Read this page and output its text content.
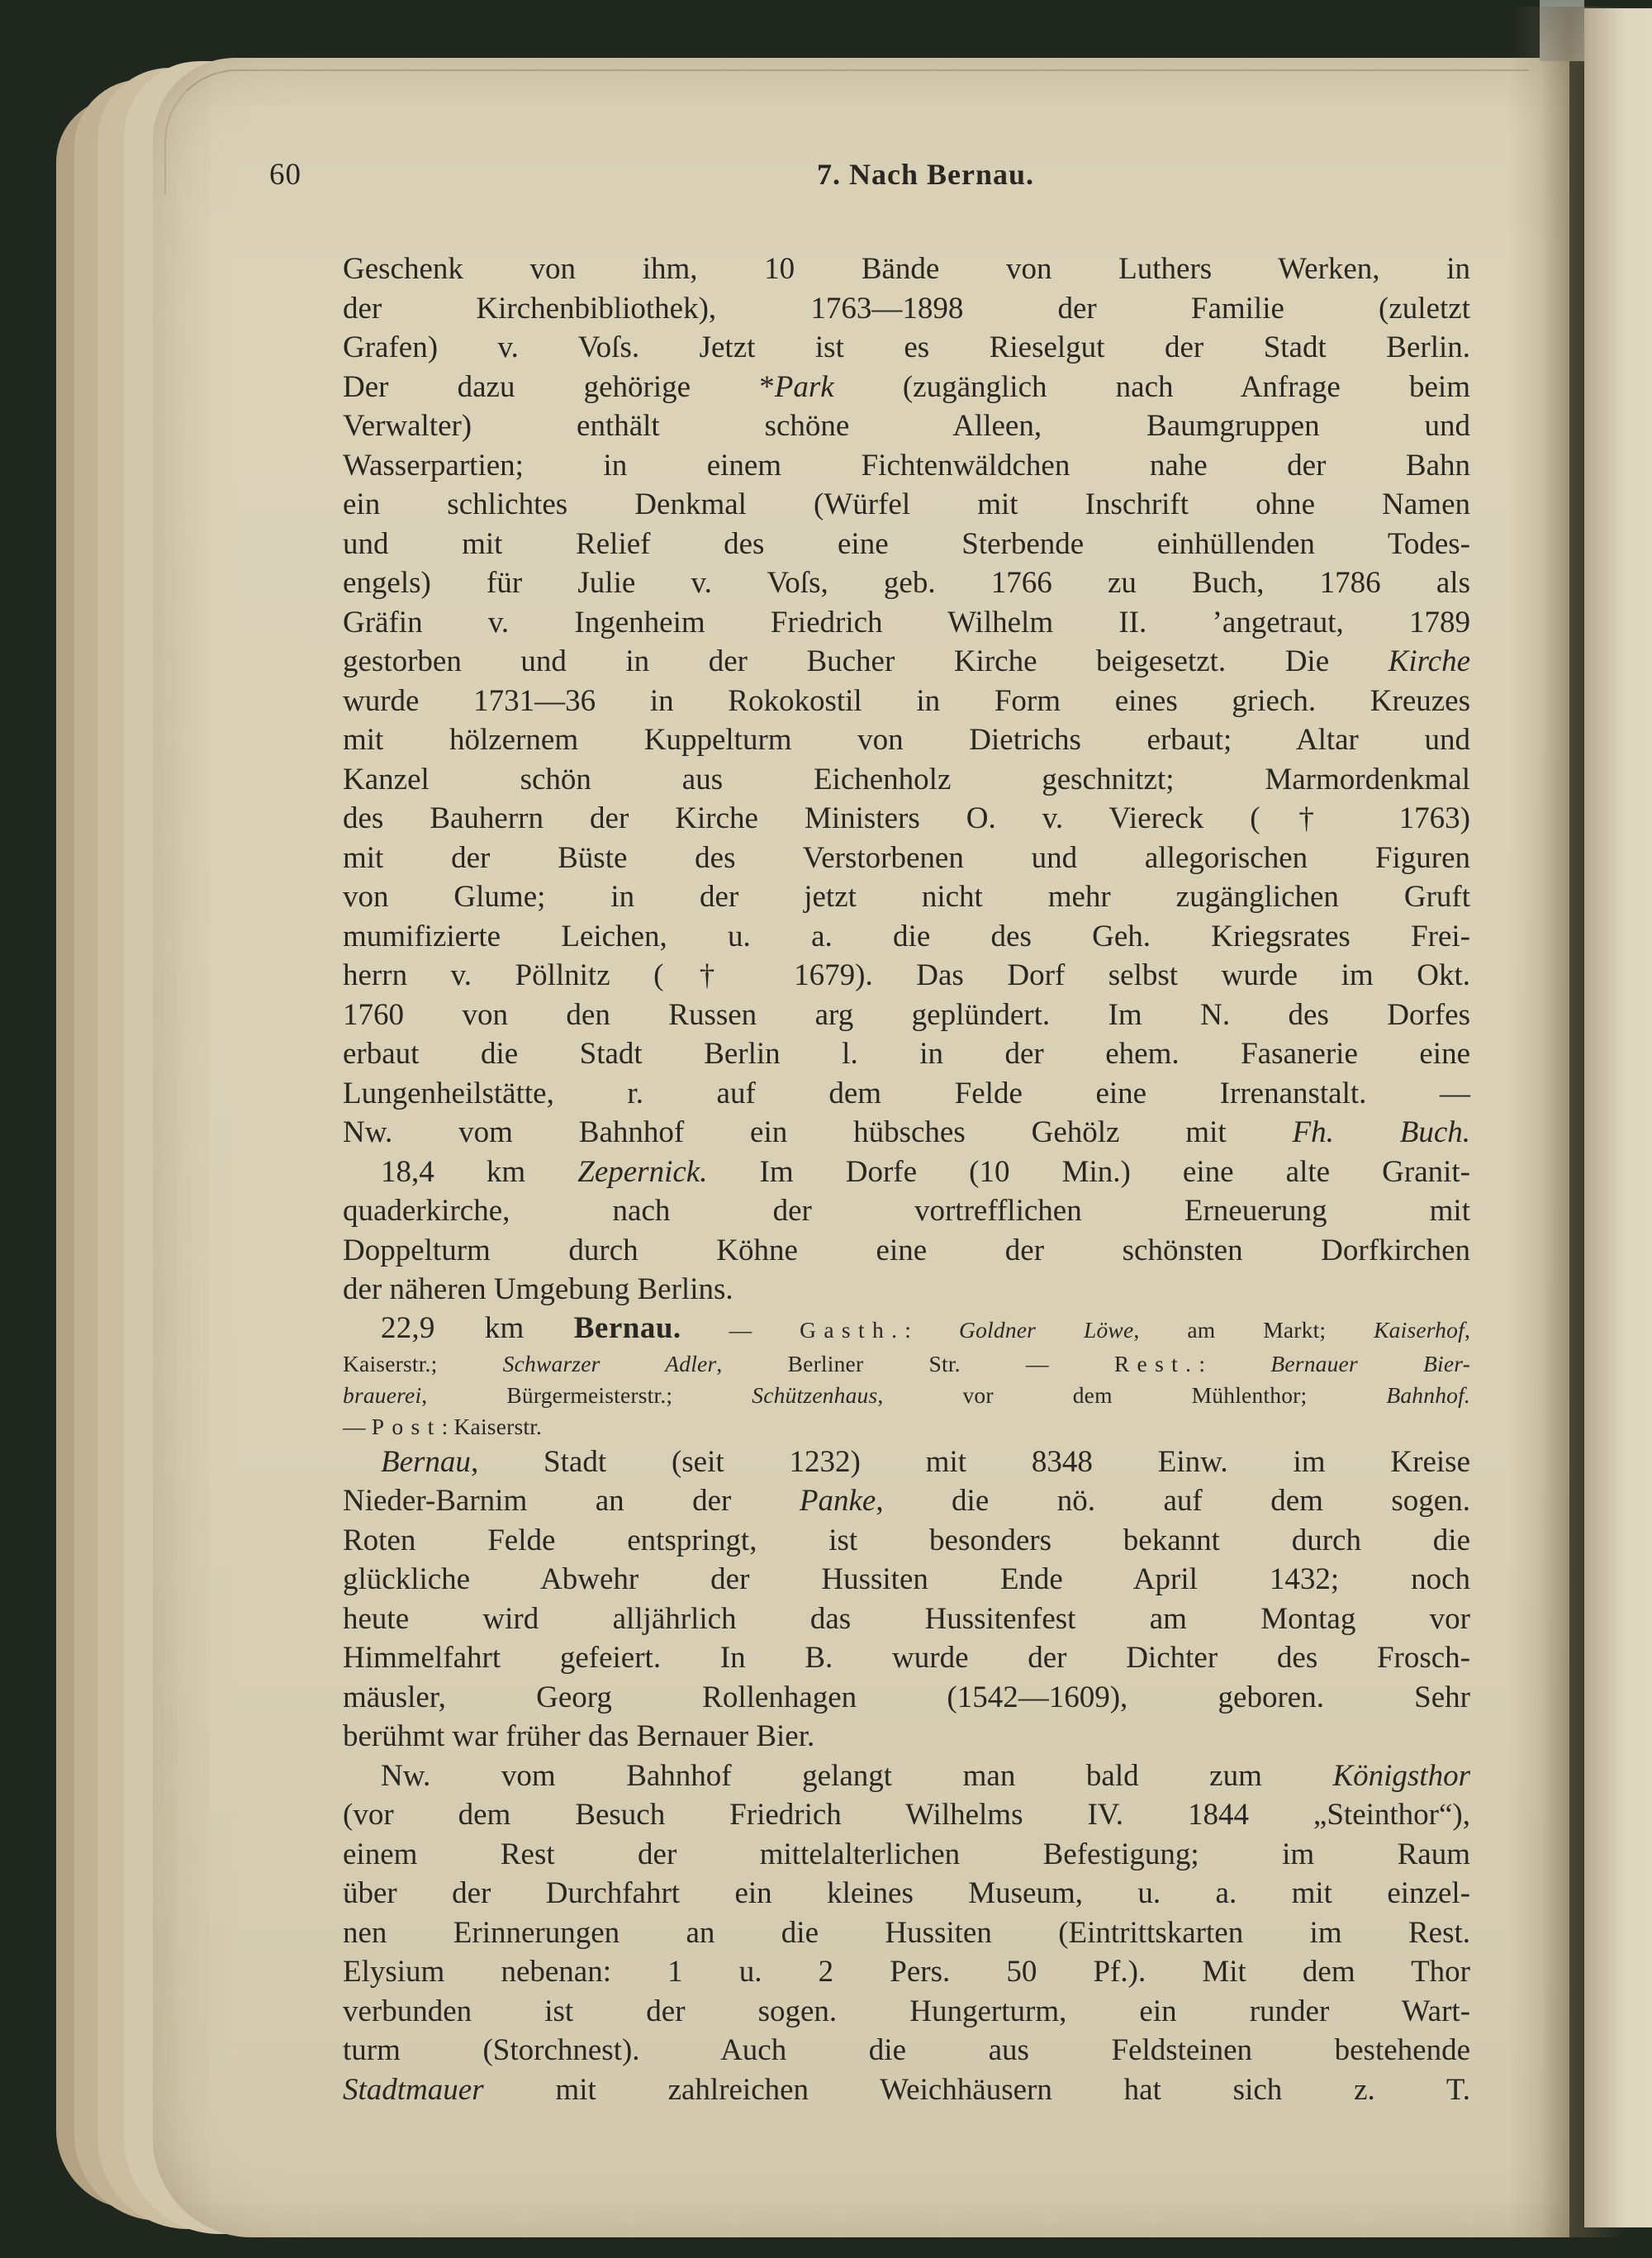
60	7. Nach Bernau.
Geschenk von ihm, 10 Bände von Luthers Werken, in
der Kirchenbibliothek), 1763—1898 der Familie (zuletzt
Grafen) v. Voſs. Jetzt ist es Rieselgut der Stadt Berlin.
Der dazu gehörige *Park (zugänglich nach Anfrage beim
Verwalter) enthält schöne Alleen, Baumgruppen und
Wasserpartien; in einem Fichtenwäldchen nahe der Bahn
ein schlichtes Denkmal (Würfel mit Inschrift ohne Namen
und mit Relief des eine Sterbende einhüllenden Todes-
engels) für Julie v. Voſs, geb. 1766 zu Buch, 1786 als
Gräfin v. Ingenheim Friedrich Wilhelm II. ’angetraut, 1789
gestorben und in der Bucher Kirche beigesetzt. Die Kirche
wurde 1731—36 in Rokokostil in Form eines griech. Kreuzes
mit hölzernem Kuppelturm von Dietrichs erbaut; Altar und
Kanzel schön aus Eichenholz geschnitzt; Marmordenkmal
des Bauherrn der Kirche Ministers O. v. Viereck († 1763)
mit der Büste des Verstorbenen und allegorischen Figuren
von Glume; in der jetzt nicht mehr zugänglichen Gruft
mumifizierte Leichen, u. a. die des Geh. Kriegsrates Frei-
herrn v. Pöllnitz († 1679). Das Dorf selbst wurde im Okt.
1760 von den Russen arg geplündert. Im N. des Dorfes
erbaut die Stadt Berlin l. in der ehem. Fasanerie eine
Lungenheilstätte, r. auf dem Felde eine Irrenanstalt. —
Nw. vom Bahnhof ein hübsches Gehölz mit Fh. Buch.
18,4 km Zepernick. Im Dorfe (10 Min.) eine alte Granit-
quaderkirche, nach der vortrefflichen Erneuerung mit
Doppelturm durch Köhne eine der schönsten Dorfkirchen
der näheren Umgebung Berlins.
22,9 km Bernau. — Gasth.: Goldner Löwe, am Markt; Kaiserhof,
Kaiserstr.; Schwarzer Adler, Berliner Str. — Rest.: Bernauer Bier-
brauerei, Bürgermeisterstr.; Schützenhaus, vor dem Mühlenthor; Bahnhof.
— Post: Kaiserstr.
Bernau, Stadt (seit 1232) mit 8348 Einw. im Kreise
Nieder-Barnim an der Panke, die nö. auf dem sogen.
Roten Felde entspringt, ist besonders bekannt durch die
glückliche Abwehr der Hussiten Ende April 1432; noch
heute wird alljährlich das Hussitenfest am Montag vor
Himmelfahrt gefeiert. In B. wurde der Dichter des Frosch-
mäusler, Georg Rollenhagen (1542—1609), geboren. Sehr
berühmt war früher das Bernauer Bier.
Nw. vom Bahnhof gelangt man bald zum Königsthor
(vor dem Besuch Friedrich Wilhelms IV. 1844 „Steinthor“),
einem Rest der mittelalterlichen Befestigung; im Raum
über der Durchfahrt ein kleines Museum, u. a. mit einzel-
nen Erinnerungen an die Hussiten (Eintrittskarten im Rest.
Elysium nebenan: 1 u. 2 Pers. 50 Pf.). Mit dem Thor
verbunden ist der sogen. Hungerturm, ein runder Wart-
turm (Storchnest). Auch die aus Feldsteinen bestehende
Stadtmauer mit zahlreichen Weichhäusern hat sich z. T.
